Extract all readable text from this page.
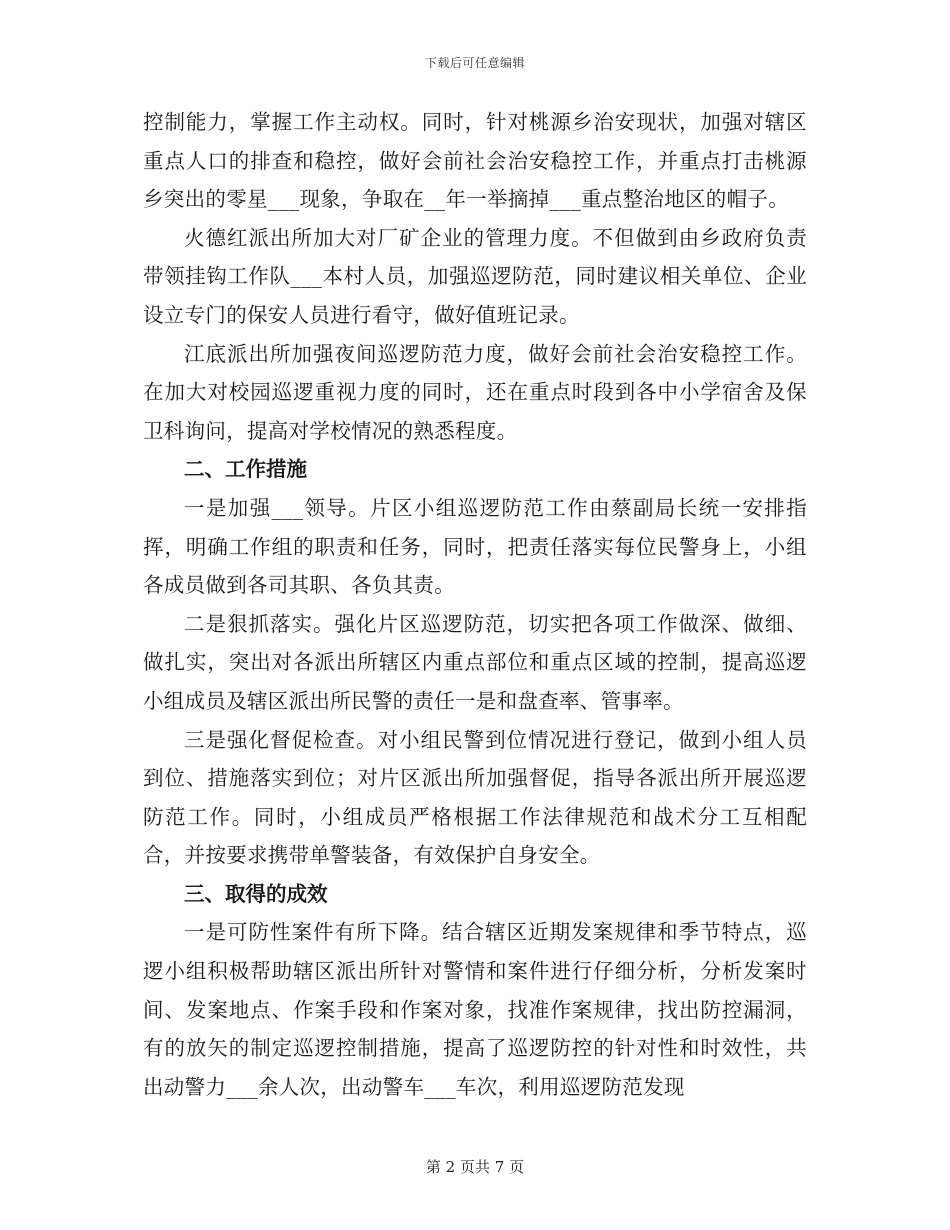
下载后可任意编辑

控制能力，掌握工作主动权。同时，针对桃源乡治安现状，加强对辖区重点人口的排查和稳控，做好会前社会治安稳控工作，并重点打击桃源乡突出的零星___现象，争取在__年一举摘掉___重点整治地区的帽子。

火德红派出所加大对厂矿企业的管理力度。不但做到由乡政府负责带领挂钩工作队___本村人员，加强巡逻防范，同时建议相关单位、企业设立专门的保安人员进行看守，做好值班记录。

江底派出所加强夜间巡逻防范力度，做好会前社会治安稳控工作。在加大对校园巡逻重视力度的同时，还在重点时段到各中小学宿舍及保卫科询问，提高对学校情况的熟悉程度。

二、工作措施

一是加强___领导。片区小组巡逻防范工作由蔡副局长统一安排指挥，明确工作组的职责和任务，同时，把责任落实每位民警身上，小组各成员做到各司其职、各负其责。

二是狠抓落实。强化片区巡逻防范，切实把各项工作做深、做细、做扎实，突出对各派出所辖区内重点部位和重点区域的控制，提高巡逻小组成员及辖区派出所民警的责任一是和盘查率、管事率。

三是强化督促检查。对小组民警到位情况进行登记，做到小组人员到位、措施落实到位；对片区派出所加强督促，指导各派出所开展巡逻防范工作。同时，小组成员严格根据工作法律规范和战术分工互相配合，并按要求携带单警装备，有效保护自身安全。

三、取得的成效

一是可防性案件有所下降。结合辖区近期发案规律和季节特点，巡逻小组积极帮助辖区派出所针对警情和案件进行仔细分析，分析发案时间、发案地点、作案手段和作案对象，找准作案规律，找出防控漏洞，有的放矢的制定巡逻控制措施，提高了巡逻防控的针对性和时效性，共出动警力___余人次，出动警车___车次，利用巡逻防范发现

第 2 页共 7 页
